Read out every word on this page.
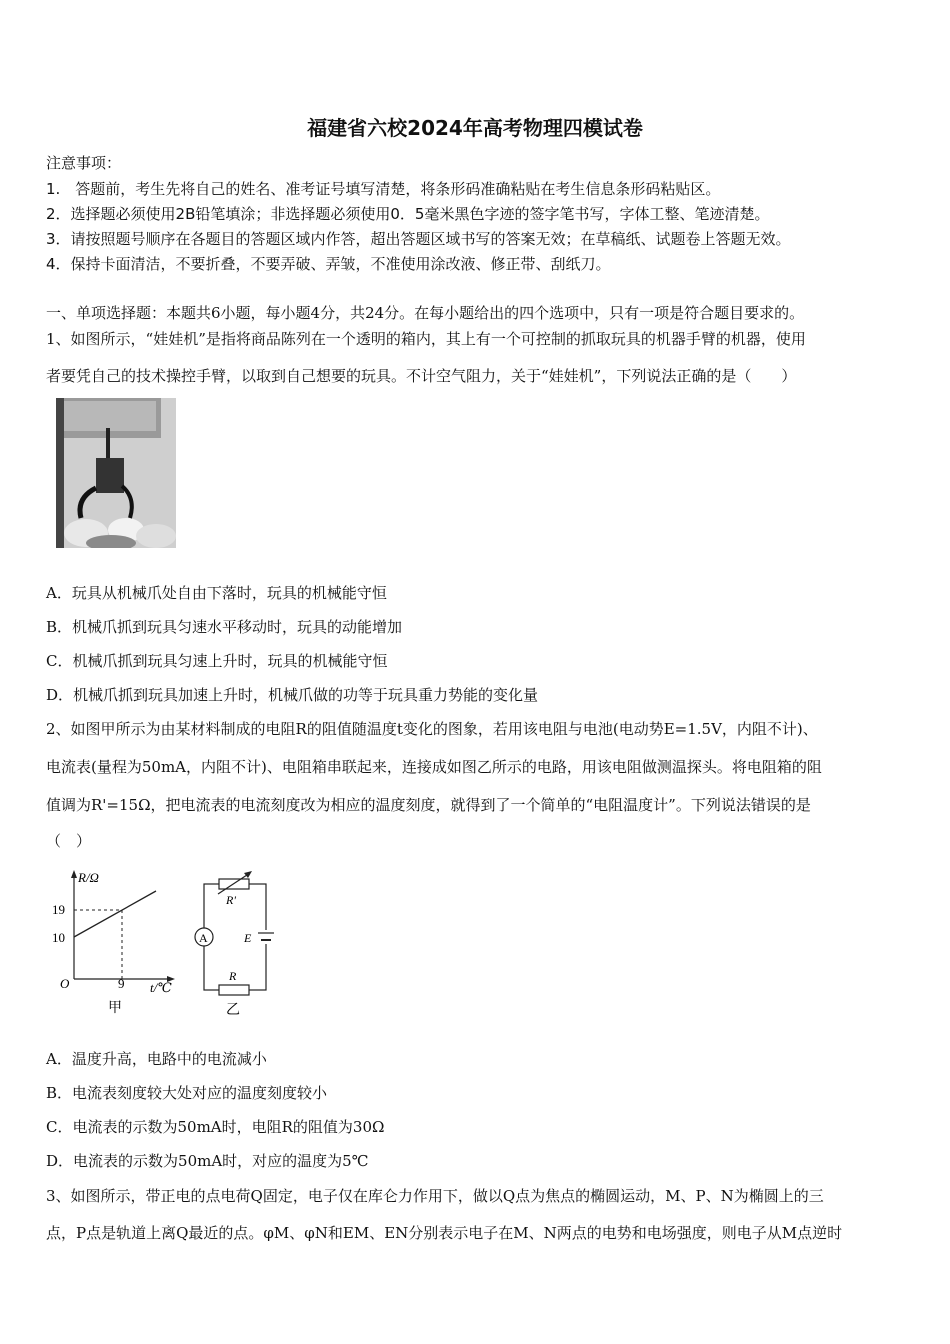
福建省六校2024年高考物理四模试卷
注意事项：
1.　答题前，考生先将自己的姓名、准考证号填写清楚，将条形码准确粘贴在考生信息条形码粘贴区。
2．选择题必须使用2B铅笔填涂；非选择题必须使用0．5毫米黑色字迹的签字笔书写，字体工整、笔迹清楚。
3．请按照题号顺序在各题目的答题区域内作答，超出答题区域书写的答案无效；在草稿纸、试题卷上答题无效。
4．保持卡面清洁，不要折叠，不要弄破、弄皱，不准使用涂改液、修正带、刮纸刀。
一、单项选择题：本题共6小题，每小题4分，共24分。在每小题给出的四个选项中，只有一项是符合题目要求的。
1、如图所示，“娃娃机”是指将商品陈列在一个透明的箱内，其上有一个可控制的抓取玩具的机器手臂的机器，使用
者要凭自己的技术操控手臂，以取到自己想要的玩具。不计空气阻力，关于“娃娃机”，下列说法正确的是（　　）
A．玩具从机械爪处自由下落时，玩具的机械能守恒
B．机械爪抓到玩具匀速水平移动时，玩具的动能增加
C．机械爪抓到玩具匀速上升时，玩具的机械能守恒
D．机械爪抓到玩具加速上升时，机械爪做的功等于玩具重力势能的变化量
2、如图甲所示为由某材料制成的电阻R的阻值随温度t变化的图象，若用该电阻与电池(电动势E=1.5V，内阻不计)、
电流表(量程为50mA，内阻不计)、电阻箱串联起来，连接成如图乙所示的电路，用该电阻做测温探头。将电阻箱的阻
值调为R'=15Ω，把电流表的电流刻度改为相应的温度刻度，就得到了一个简单的“电阻温度计”。下列说法错误的是
（　）
R/Ω
19
10
O	9 t/℃
甲
R'
A	E
R
乙
A．温度升高，电路中的电流减小
B．电流表刻度较大处对应的温度刻度较小
C．电流表的示数为50mA时，电阻R的阻值为30Ω
D．电流表的示数为50mA时，对应的温度为5℃
3、如图所示，带正电的点电荷Q固定，电子仅在库仑力作用下，做以Q点为焦点的椭圆运动，M、P、N为椭圆上的三
点，P点是轨道上离Q最近的点。φM、φN和EM、EN分别表示电子在M、N两点的电势和电场强度，则电子从M点逆时
